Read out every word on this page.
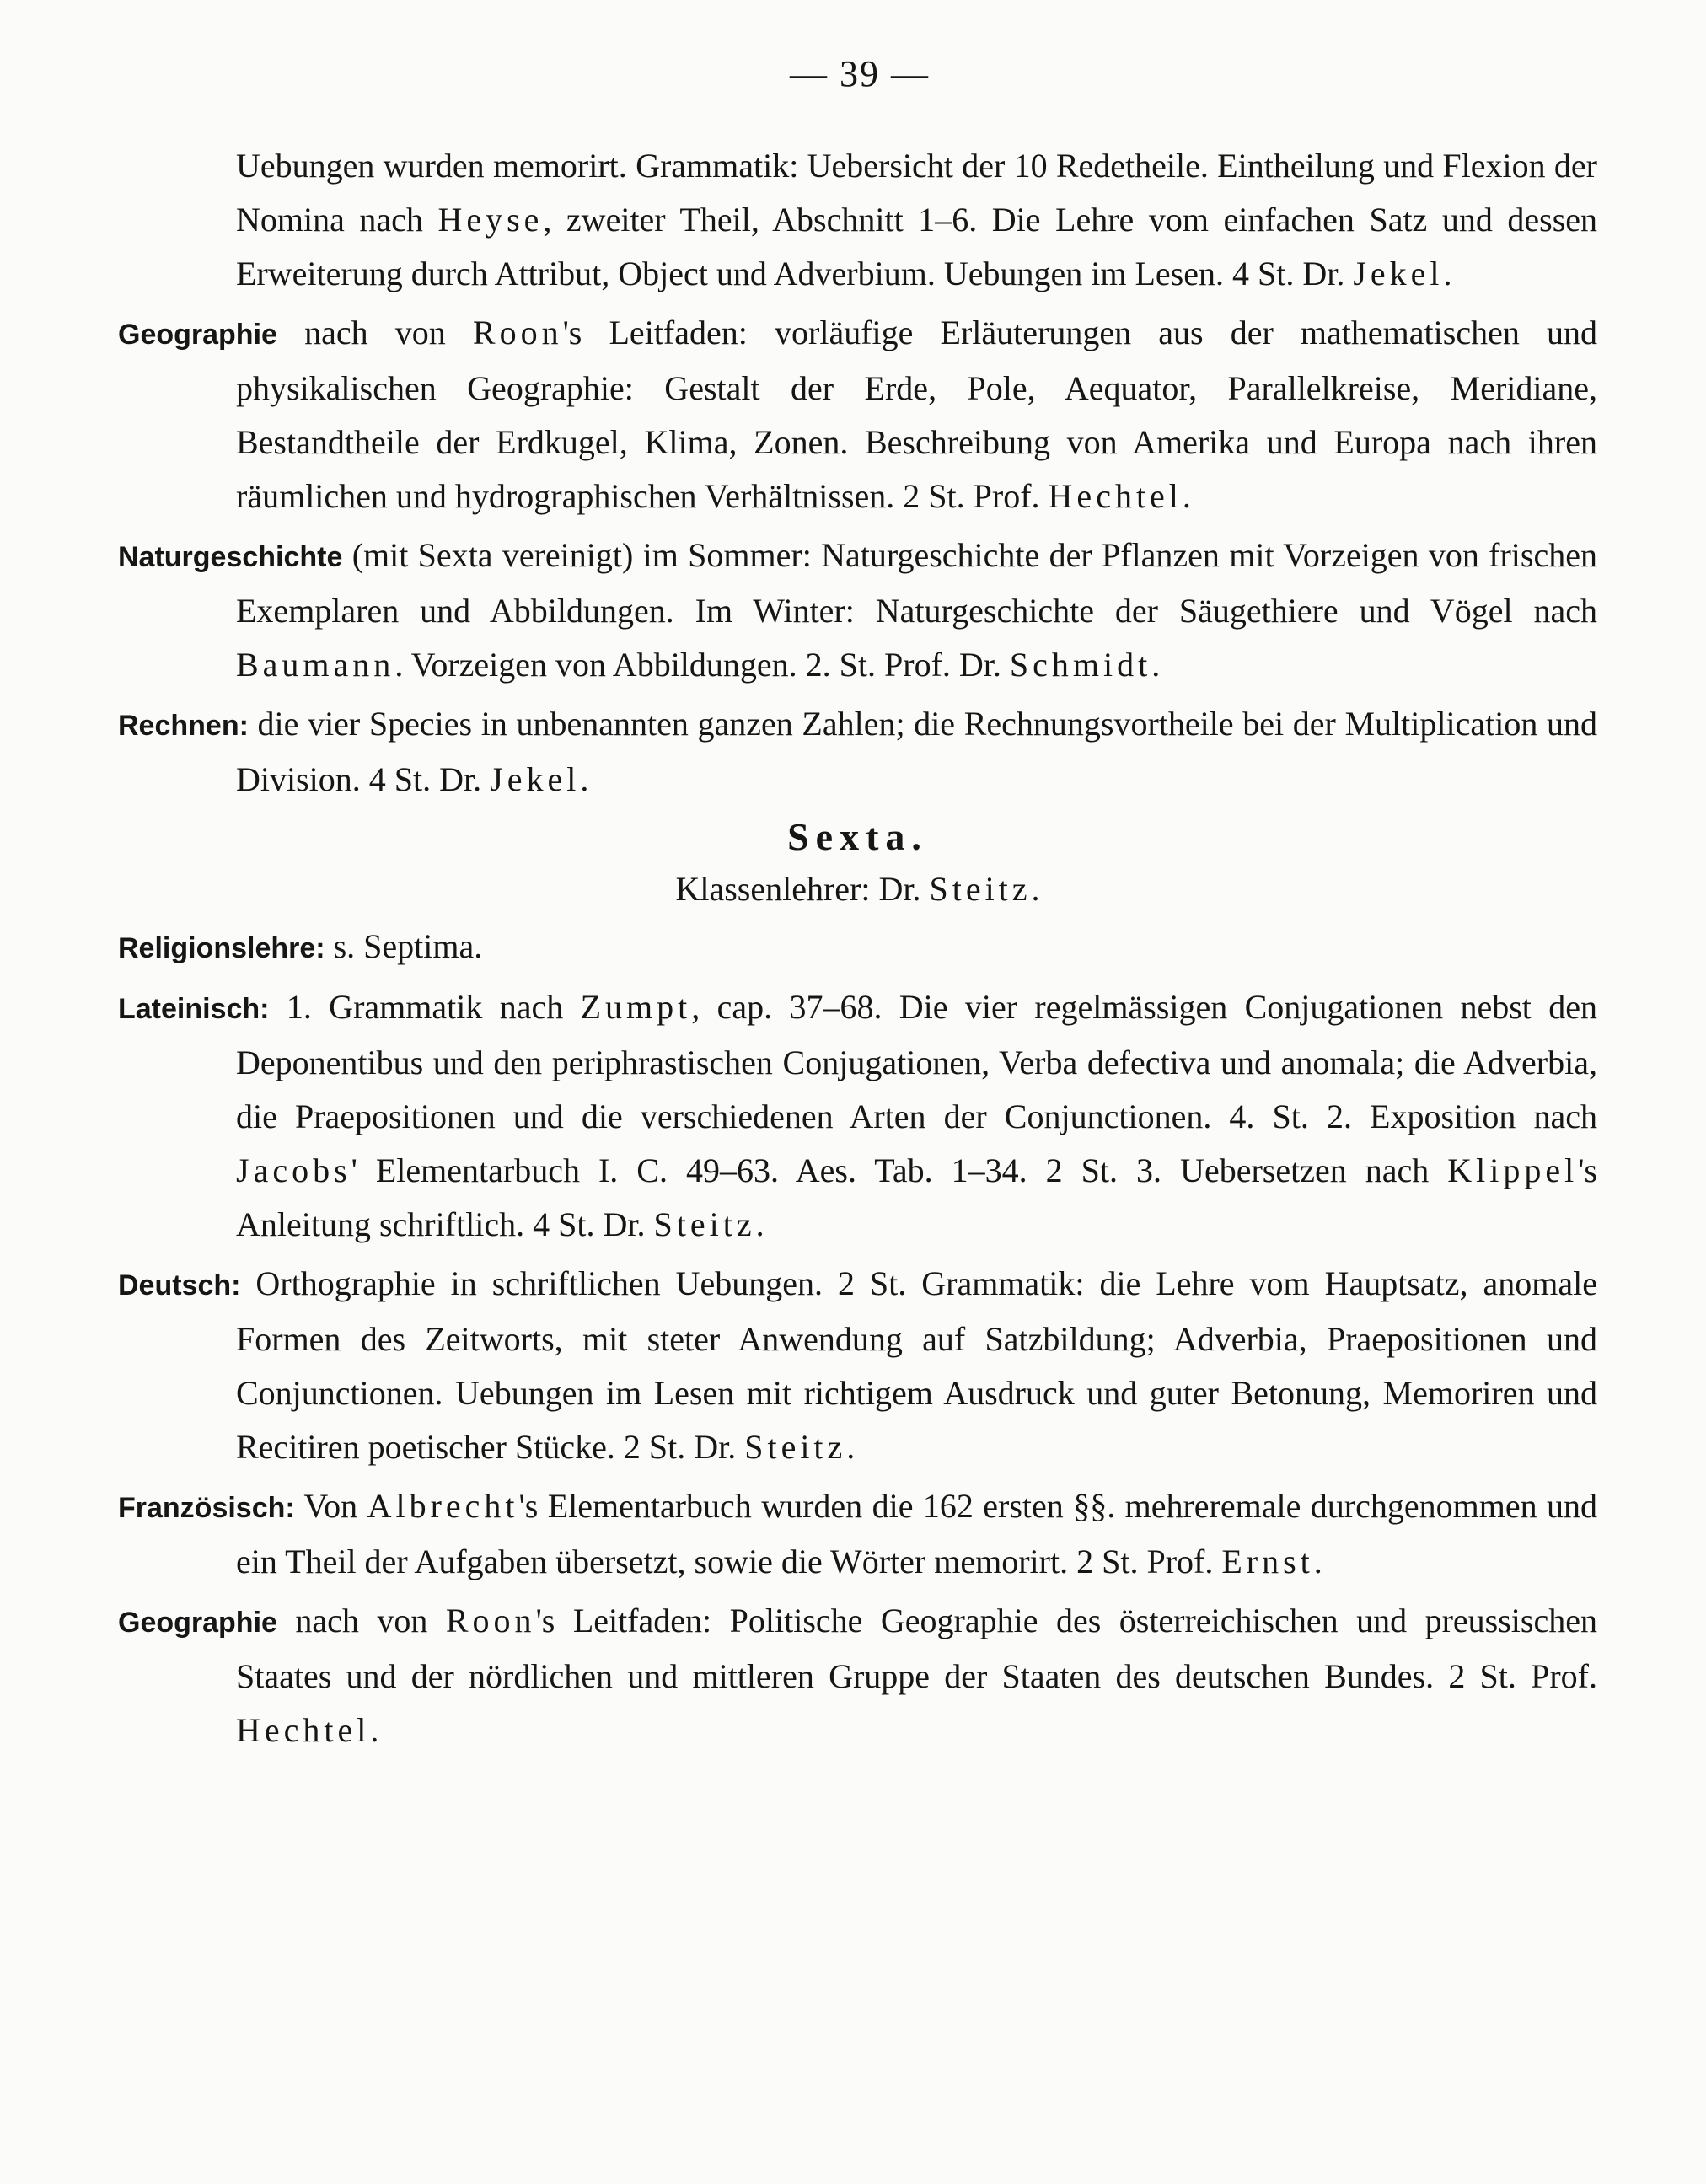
— 39 —

Uebungen wurden memorirt. Grammatik: Uebersicht der 10 Redetheile. Eintheilung und Flexion der Nomina nach Heyse, zweiter Theil, Abschnitt 1–6. Die Lehre vom einfachen Satz und dessen Erweiterung durch Attribut, Object und Adverbium. Uebungen im Lesen. 4 St. Dr. Jekel.

Geographie nach von Roon's Leitfaden: vorläufige Erläuterungen aus der mathematischen und physikalischen Geographie: Gestalt der Erde, Pole, Aequator, Parallelkreise, Meridiane, Bestandtheile der Erdkugel, Klima, Zonen. Beschreibung von Amerika und Europa nach ihren räumlichen und hydrographischen Verhältnissen. 2 St. Prof. Hechtel.

Naturgeschichte (mit Sexta vereinigt) im Sommer: Naturgeschichte der Pflanzen mit Vorzeigen von frischen Exemplaren und Abbildungen. Im Winter: Naturgeschichte der Säugethiere und Vögel nach Baumann. Vorzeigen von Abbildungen. 2. St. Prof. Dr. Schmidt.

Rechnen: die vier Species in unbenannten ganzen Zahlen; die Rechnungsvortheile bei der Multiplication und Division. 4 St. Dr. Jekel.

Sexta.
Klassenlehrer: Dr. Steitz.

Religionslehre: s. Septima.

Lateinisch: 1. Grammatik nach Zumpt, cap. 37–68. Die vier regelmässigen Conjugationen nebst den Deponentibus und den periphrastischen Conjugationen, Verba defectiva und anomala; die Adverbia, die Praepositionen und die verschiedenen Arten der Conjunctionen. 4. St. 2. Exposition nach Jacobs' Elementarbuch I. C. 49–63. Aes. Tab. 1–34. 2 St. 3. Uebersetzen nach Klippel's Anleitung schriftlich. 4 St. Dr. Steitz.

Deutsch: Orthographie in schriftlichen Uebungen. 2 St. Grammatik: die Lehre vom Hauptsatz, anomale Formen des Zeitworts, mit steter Anwendung auf Satzbildung; Adverbia, Praepositionen und Conjunctionen. Uebungen im Lesen mit richtigem Ausdruck und guter Betonung, Memoriren und Recitiren poetischer Stücke. 2 St. Dr. Steitz.

Französisch: Von Albrecht's Elementarbuch wurden die 162 ersten §§. mehreremale durchgenommen und ein Theil der Aufgaben übersetzt, sowie die Wörter memorirt. 2 St. Prof. Ernst.

Geographie nach von Roon's Leitfaden: Politische Geographie des österreichischen und preussischen Staates und der nördlichen und mittleren Gruppe der Staaten des deutschen Bundes. 2 St. Prof. Hechtel.
